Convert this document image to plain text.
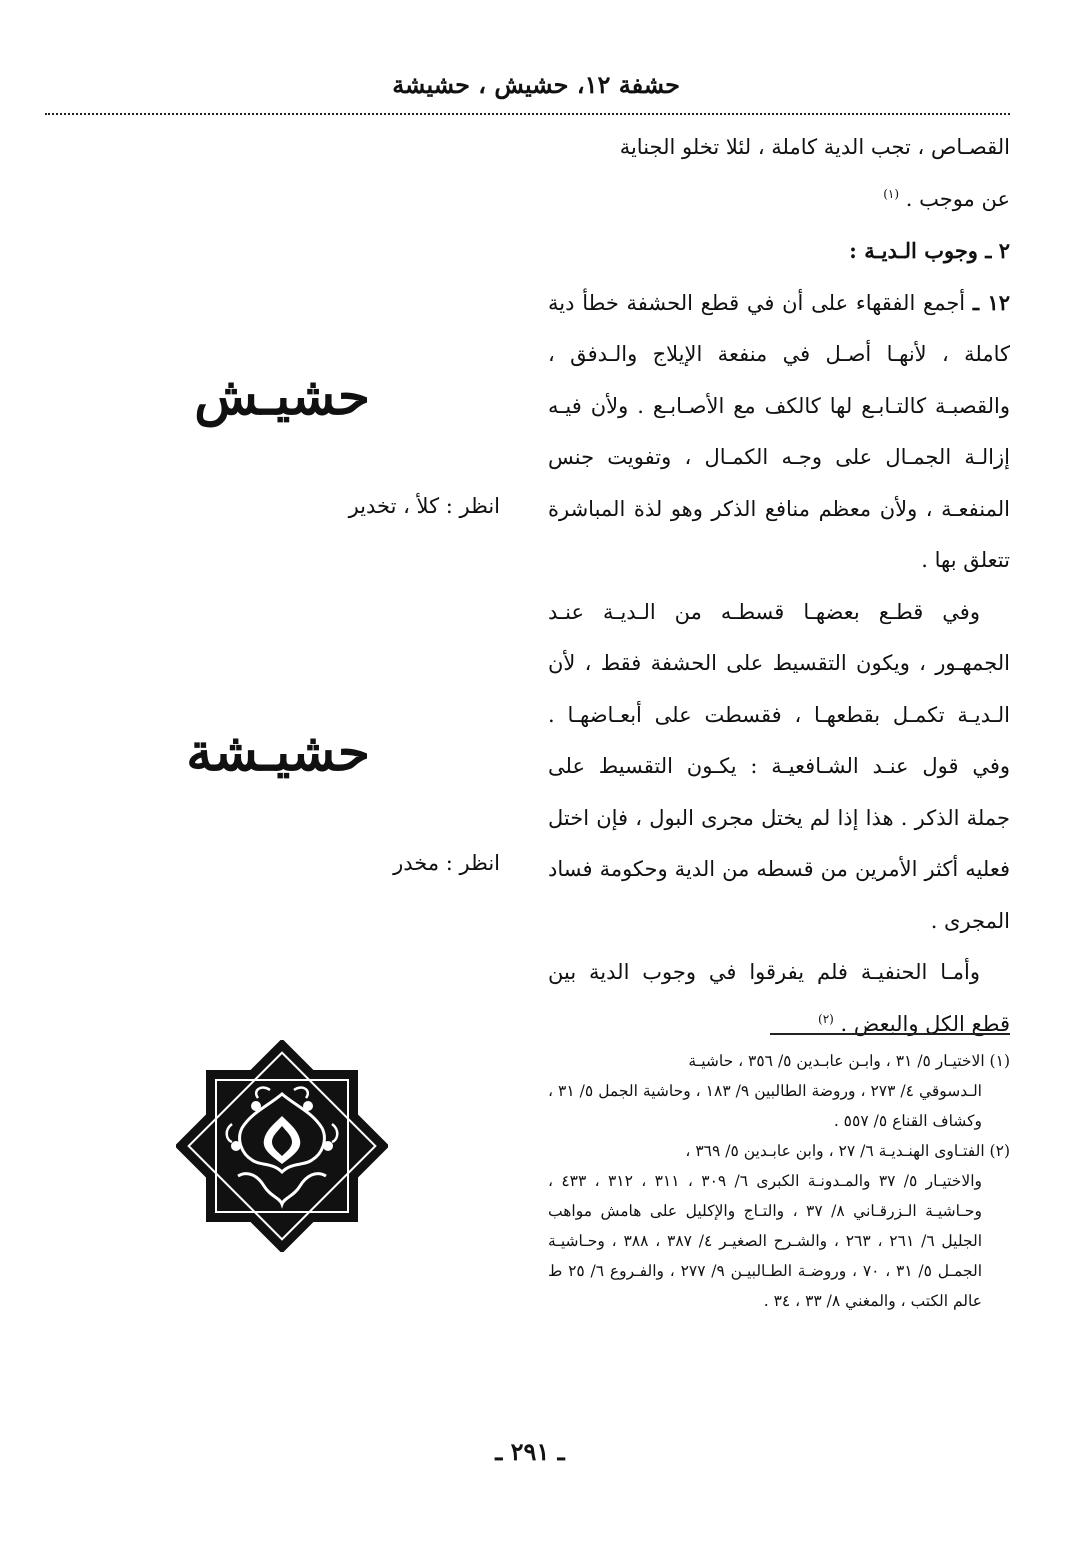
حشفة ١٢، حشيش ، حشيشة

القصـاص ، تجب الدية كاملة ، لئلا تخلو الجناية

عن موجب . $^{(١)}$

٢ ـ وجوب الـديـة :

١٢ ـ أجمع الفقهاء على أن في قطع الحشفة خطأ دية كاملة ، لأنهـا أصـل في منفعة الإيلاج والـدفق ، والقصبـة كالتـابـع لها كالكف مع الأصـابـع . ولأن فيـه إزالـة الجمـال على وجـه الكمـال ، وتفويت جنس المنفعـة ، ولأن معظم منافع الذكر وهو لذة المباشرة تتعلق بها .

وفي قطـع بعضهـا قسطـه من الـديـة عنـد الجمهـور ، ويكون التقسيط على الحشفة فقط ، لأن الـديـة تكمـل بقطعهـا ، فقسطت على أبعـاضهـا . وفي قول عنـد الشـافعيـة : يكـون التقسيط على جملة الذكر . هذا إذا لم يختل مجرى البول ، فإن اختل فعليه أكثر الأمرين من قسطه من الدية وحكومة فساد المجرى .

وأمـا الحنفيـة فلم يفرقوا في وجوب الدية بين قطع الكل والبعض . $^{(٢)}$

حشيـش
انظر : كلأ ، تخدير
حشيـشة
انظر : مخدر

(١) الاختيـار ٥/ ٣١ ، وابـن عابـدين ٥/ ٣٥٦ ، حاشيـة

الـدسوقي ٤/ ٢٧٣ ، وروضة الطالبين ٩/ ١٨٣ ، وحاشية الجمل ٥/ ٣١ ، وكشاف القناع ٥/ ٥٥٧ .

(٢) الفتـاوى الهنـديـة ٦/ ٢٧ ، وابن عابـدين ٥/ ٣٦٩ ،

والاختيـار ٥/ ٣٧ والمـدونـة الكبرى ٦/ ٣٠٩ ، ٣١١ ، ٣١٢ ، ٤٣٣ ، وحـاشيـة الـزرقـاني ٨/ ٣٧ ، والتـاج والإكليل على هامش مواهب الجليل ٦/ ٢٦١ ، ٢٦٣ ، والشـرح الصغيـر ٤/ ٣٨٧ ، ٣٨٨ ، وحـاشيـة الجمـل ٥/ ٣١ ، ٧٠ ، وروضـة الطـالبيـن ٩/ ٢٧٧ ، والفـروع ٦/ ٢٥ ط عالم الكتب ، والمغني ٨/ ٣٣ ، ٣٤ .

ـ ٢٩١ ـ
